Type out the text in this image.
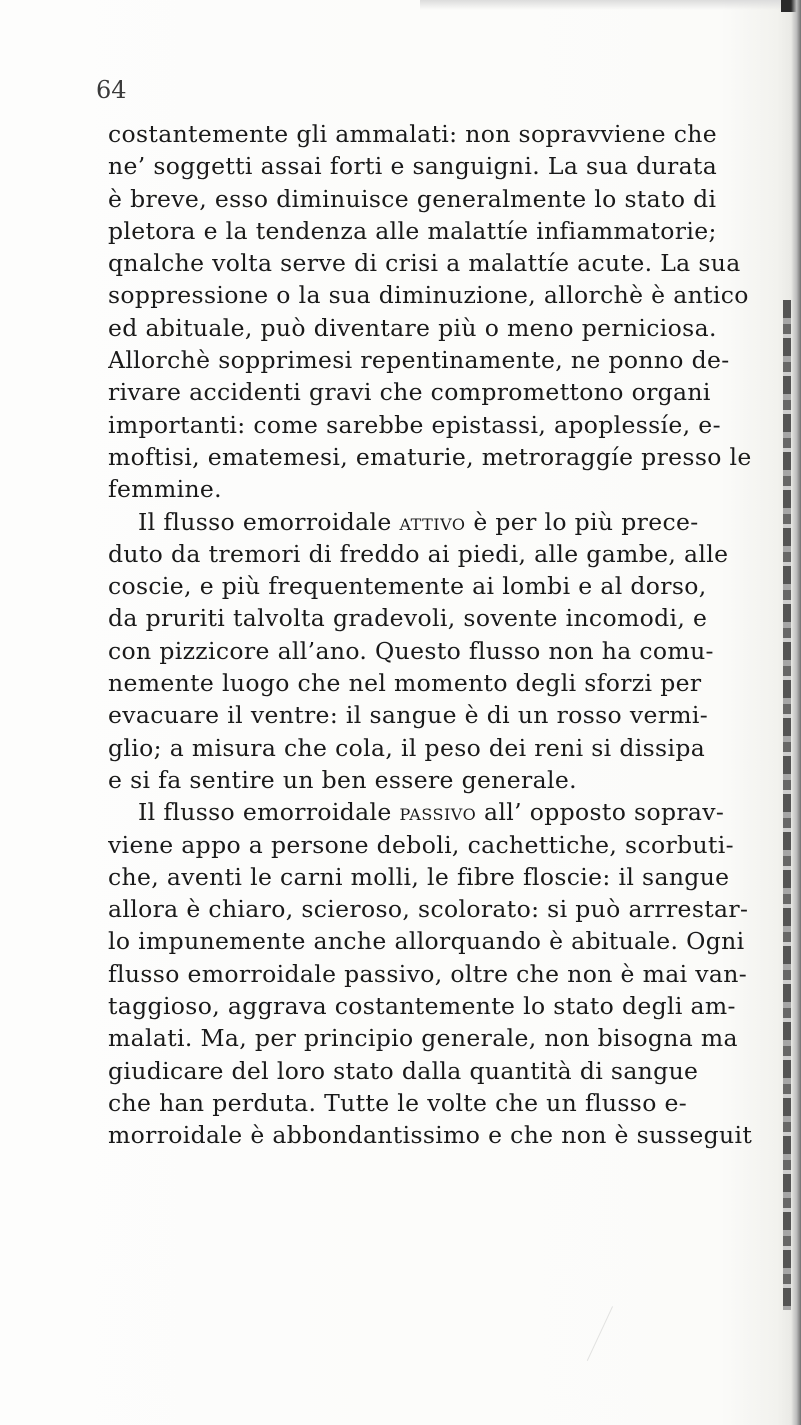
64
costantemente gli ammalati: non sopravviene che
ne’ soggetti assai forti e sanguigni. La sua durata
è breve, esso diminuisce generalmente lo stato di
pletora e la tendenza alle malattíe infiammatorie;
qnalche volta serve di crisi a malattíe acute. La sua
soppressione o la sua diminuzione, allorchè è antico
ed abituale, può diventare più o meno perniciosa.
Allorchè sopprimesi repentinamente, ne ponno de-
rivare accidenti gravi che compromettono organi
importanti: come sarebbe epistassi, apoplessíe, e-
moftisi, ematemesi, ematurie, metroraggíe presso le
femmine.
Il flusso emorroidale attivo è per lo più prece-
duto da tremori di freddo ai piedi, alle gambe, alle
coscie, e più frequentemente ai lombi e al dorso,
da pruriti talvolta gradevoli, sovente incomodi, e
con pizzicore all’ano. Questo flusso non ha comu-
nemente luogo che nel momento degli sforzi per
evacuare il ventre: il sangue è di un rosso vermi-
glio; a misura che cola, il peso dei reni si dissipa
e si fa sentire un ben essere generale.
Il flusso emorroidale passivo all’ opposto soprav-
viene appo a persone deboli, cachettiche, scorbuti-
che, aventi le carni molli, le fibre floscie: il sangue
allora è chiaro, scieroso, scolorato: si può arrrestar-
lo impunemente anche allorquando è abituale. Ogni
flusso emorroidale passivo, oltre che non è mai van-
taggioso, aggrava costantemente lo stato degli am-
malati. Ma, per principio generale, non bisogna ma
giudicare del loro stato dalla quantità di sangue
che han perduta. Tutte le volte che un flusso e-
morroidale è abbondantissimo e che non è susseguit
